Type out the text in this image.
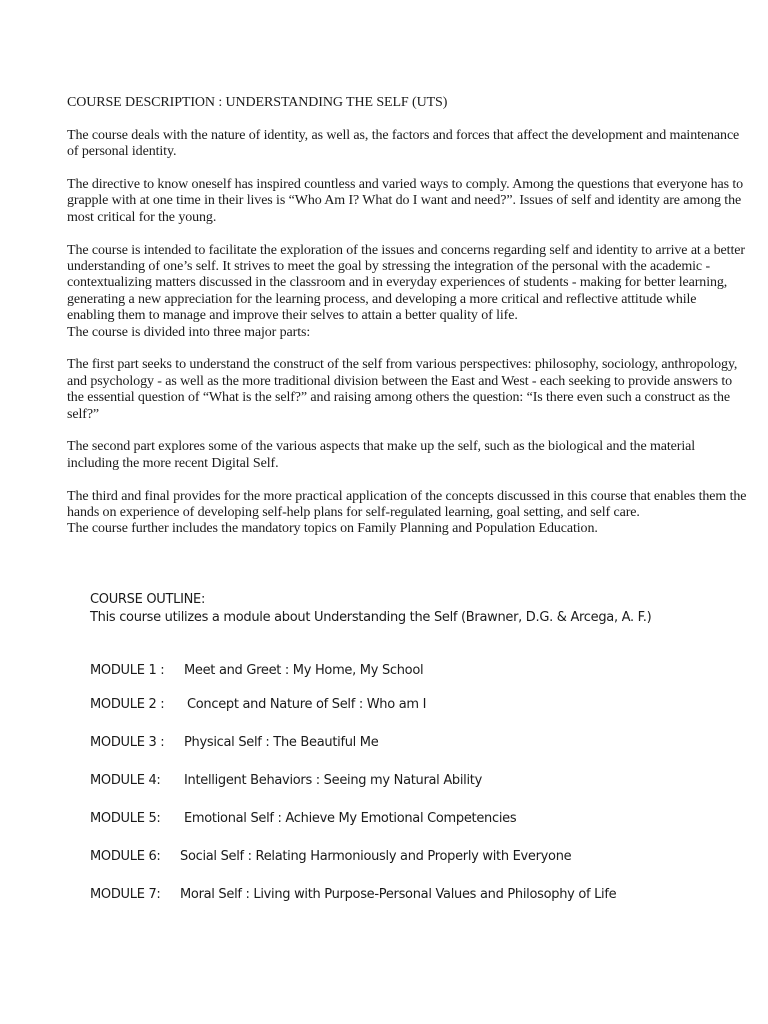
COURSE DESCRIPTION : UNDERSTANDING THE SELF (UTS)

The course deals with the nature of identity, as well as, the factors and forces that affect the development and maintenance of personal identity.

The directive to know oneself has inspired countless and varied ways to comply. Among the questions that everyone has to grapple with at one time in their lives is “Who Am I? What do I want and need?”. Issues of self and identity are among the most critical for the young.

The course is intended to facilitate the exploration of the issues and concerns regarding self and identity to arrive at a better understanding of one’s self. It strives to meet the goal by stressing the integration of the personal with the academic - contextualizing matters discussed in the classroom and in everyday experiences of students - making for better learning, generating a new appreciation for the learning process, and developing a more critical and reflective attitude while enabling them to manage and improve their selves to attain a better quality of life.

The course is divided into three major parts:

The first part seeks to understand the construct of the self from various perspectives: philosophy, sociology, anthropology, and psychology - as well as the more traditional division between the East and West - each seeking to provide answers to the essential question of “What is the self?” and raising among others the question: “Is there even such a construct as the self?”

The second part explores some of the various aspects that make up the self, such as the biological and the material including the more recent Digital Self.

The third and final provides for the more practical application of the concepts discussed in this course that enables them the hands on experience of developing self-help plans for self-regulated learning, goal setting, and self care.

The course further includes the mandatory topics on Family Planning and Population Education.

COURSE OUTLINE:

This course utilizes a module about Understanding the Self (Brawner, D.G. & Arcega, A. F.)

MODULE 1 : Meet and Greet : My Home, My School
MODULE 2 : Concept and Nature of Self : Who am I
MODULE 3 : Physical Self : The Beautiful Me
MODULE 4: Intelligent Behaviors : Seeing my Natural Ability
MODULE 5: Emotional Self : Achieve My Emotional Competencies
MODULE 6: Social Self : Relating Harmoniously and Properly with Everyone
MODULE 7: Moral Self : Living with Purpose-Personal Values and Philosophy of Life
